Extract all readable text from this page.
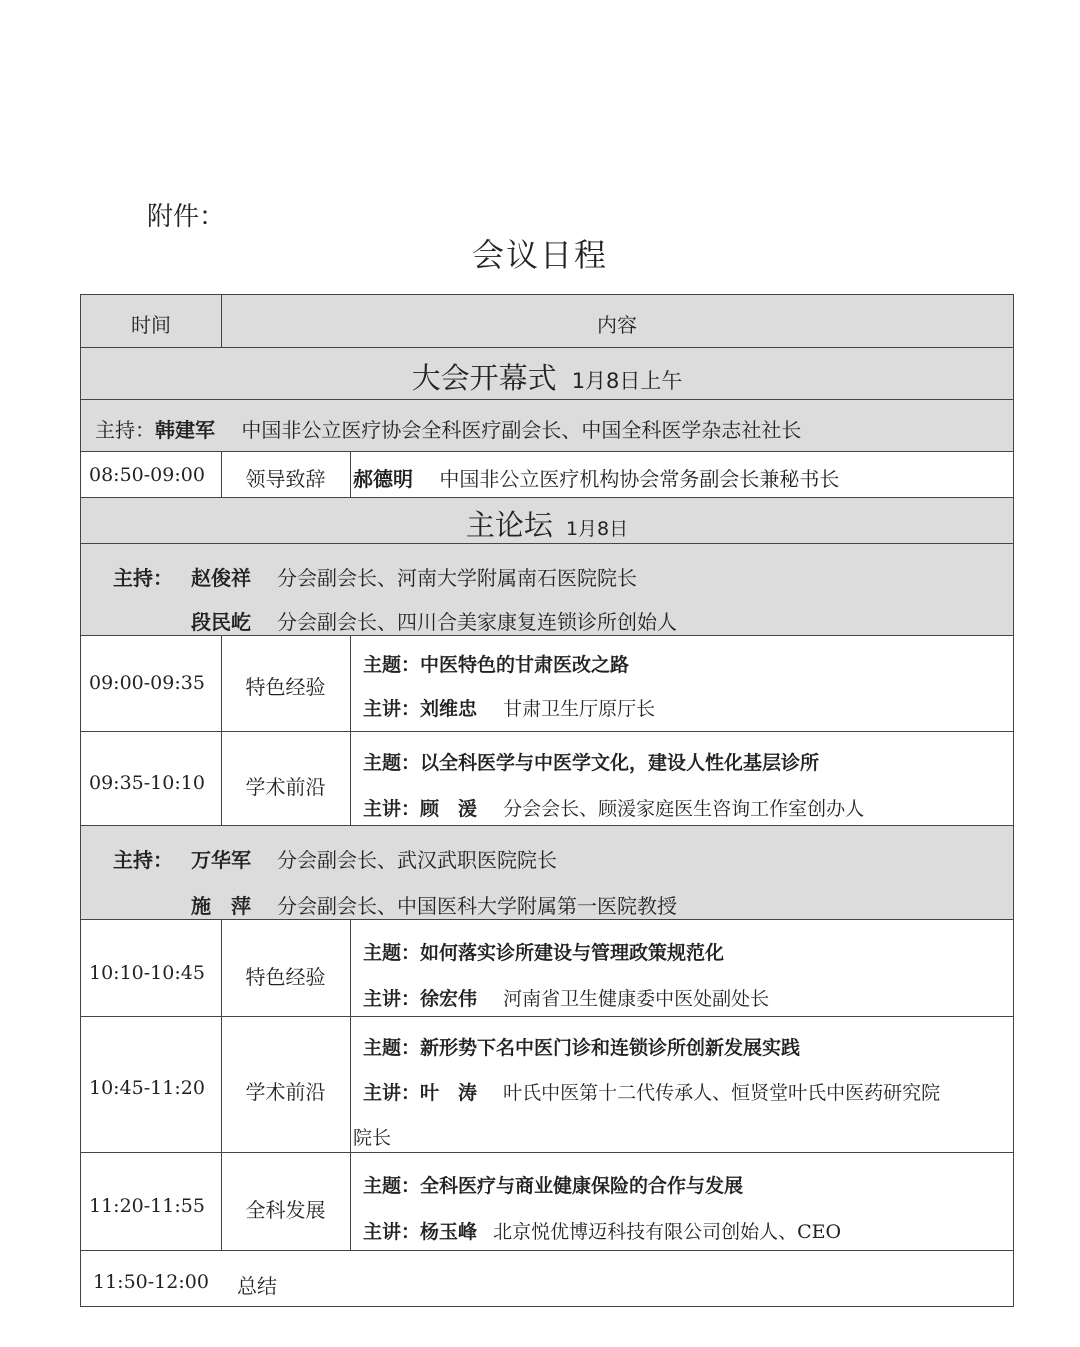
附件：
会议日程
时间	内容
大会开幕式 1月8日上午
主持：韩建军 中国非公立医疗协会全科医疗副会长、中国全科医学杂志社社长
08:50-09:00	领导致辞	郝德明 中国非公立医疗机构协会常务副会长兼秘书长
主论坛 1月8日
主持： 赵俊祥 分会副会长、河南大学附属南石医院院长
段民屹 分会副会长、四川合美家康复连锁诊所创始人
09:00-09:35	特色经验
主题：中医特色的甘肃医改之路
主讲：刘维忠 甘肃卫生厅原厅长
09:35-10:10	学术前沿
主题：以全科医学与中医学文化，建设人性化基层诊所
主讲：顾　湲 分会会长、顾湲家庭医生咨询工作室创办人
主持： 万华军 分会副会长、武汉武职医院院长
施　萍 分会副会长、中国医科大学附属第一医院教授
10:10-10:45	特色经验
主题：如何落实诊所建设与管理政策规范化
主讲：徐宏伟 河南省卫生健康委中医处副处长
10:45-11:20	学术前沿
主题：新形势下名中医门诊和连锁诊所创新发展实践
主讲：叶　涛 叶氏中医第十二代传承人、恒贤堂叶氏中医药研究院
院长
11:20-11:55	全科发展
主题：全科医疗与商业健康保险的合作与发展
主讲：杨玉峰 北京悦优博迈科技有限公司创始人、CEO
11:50-12:00 总结
